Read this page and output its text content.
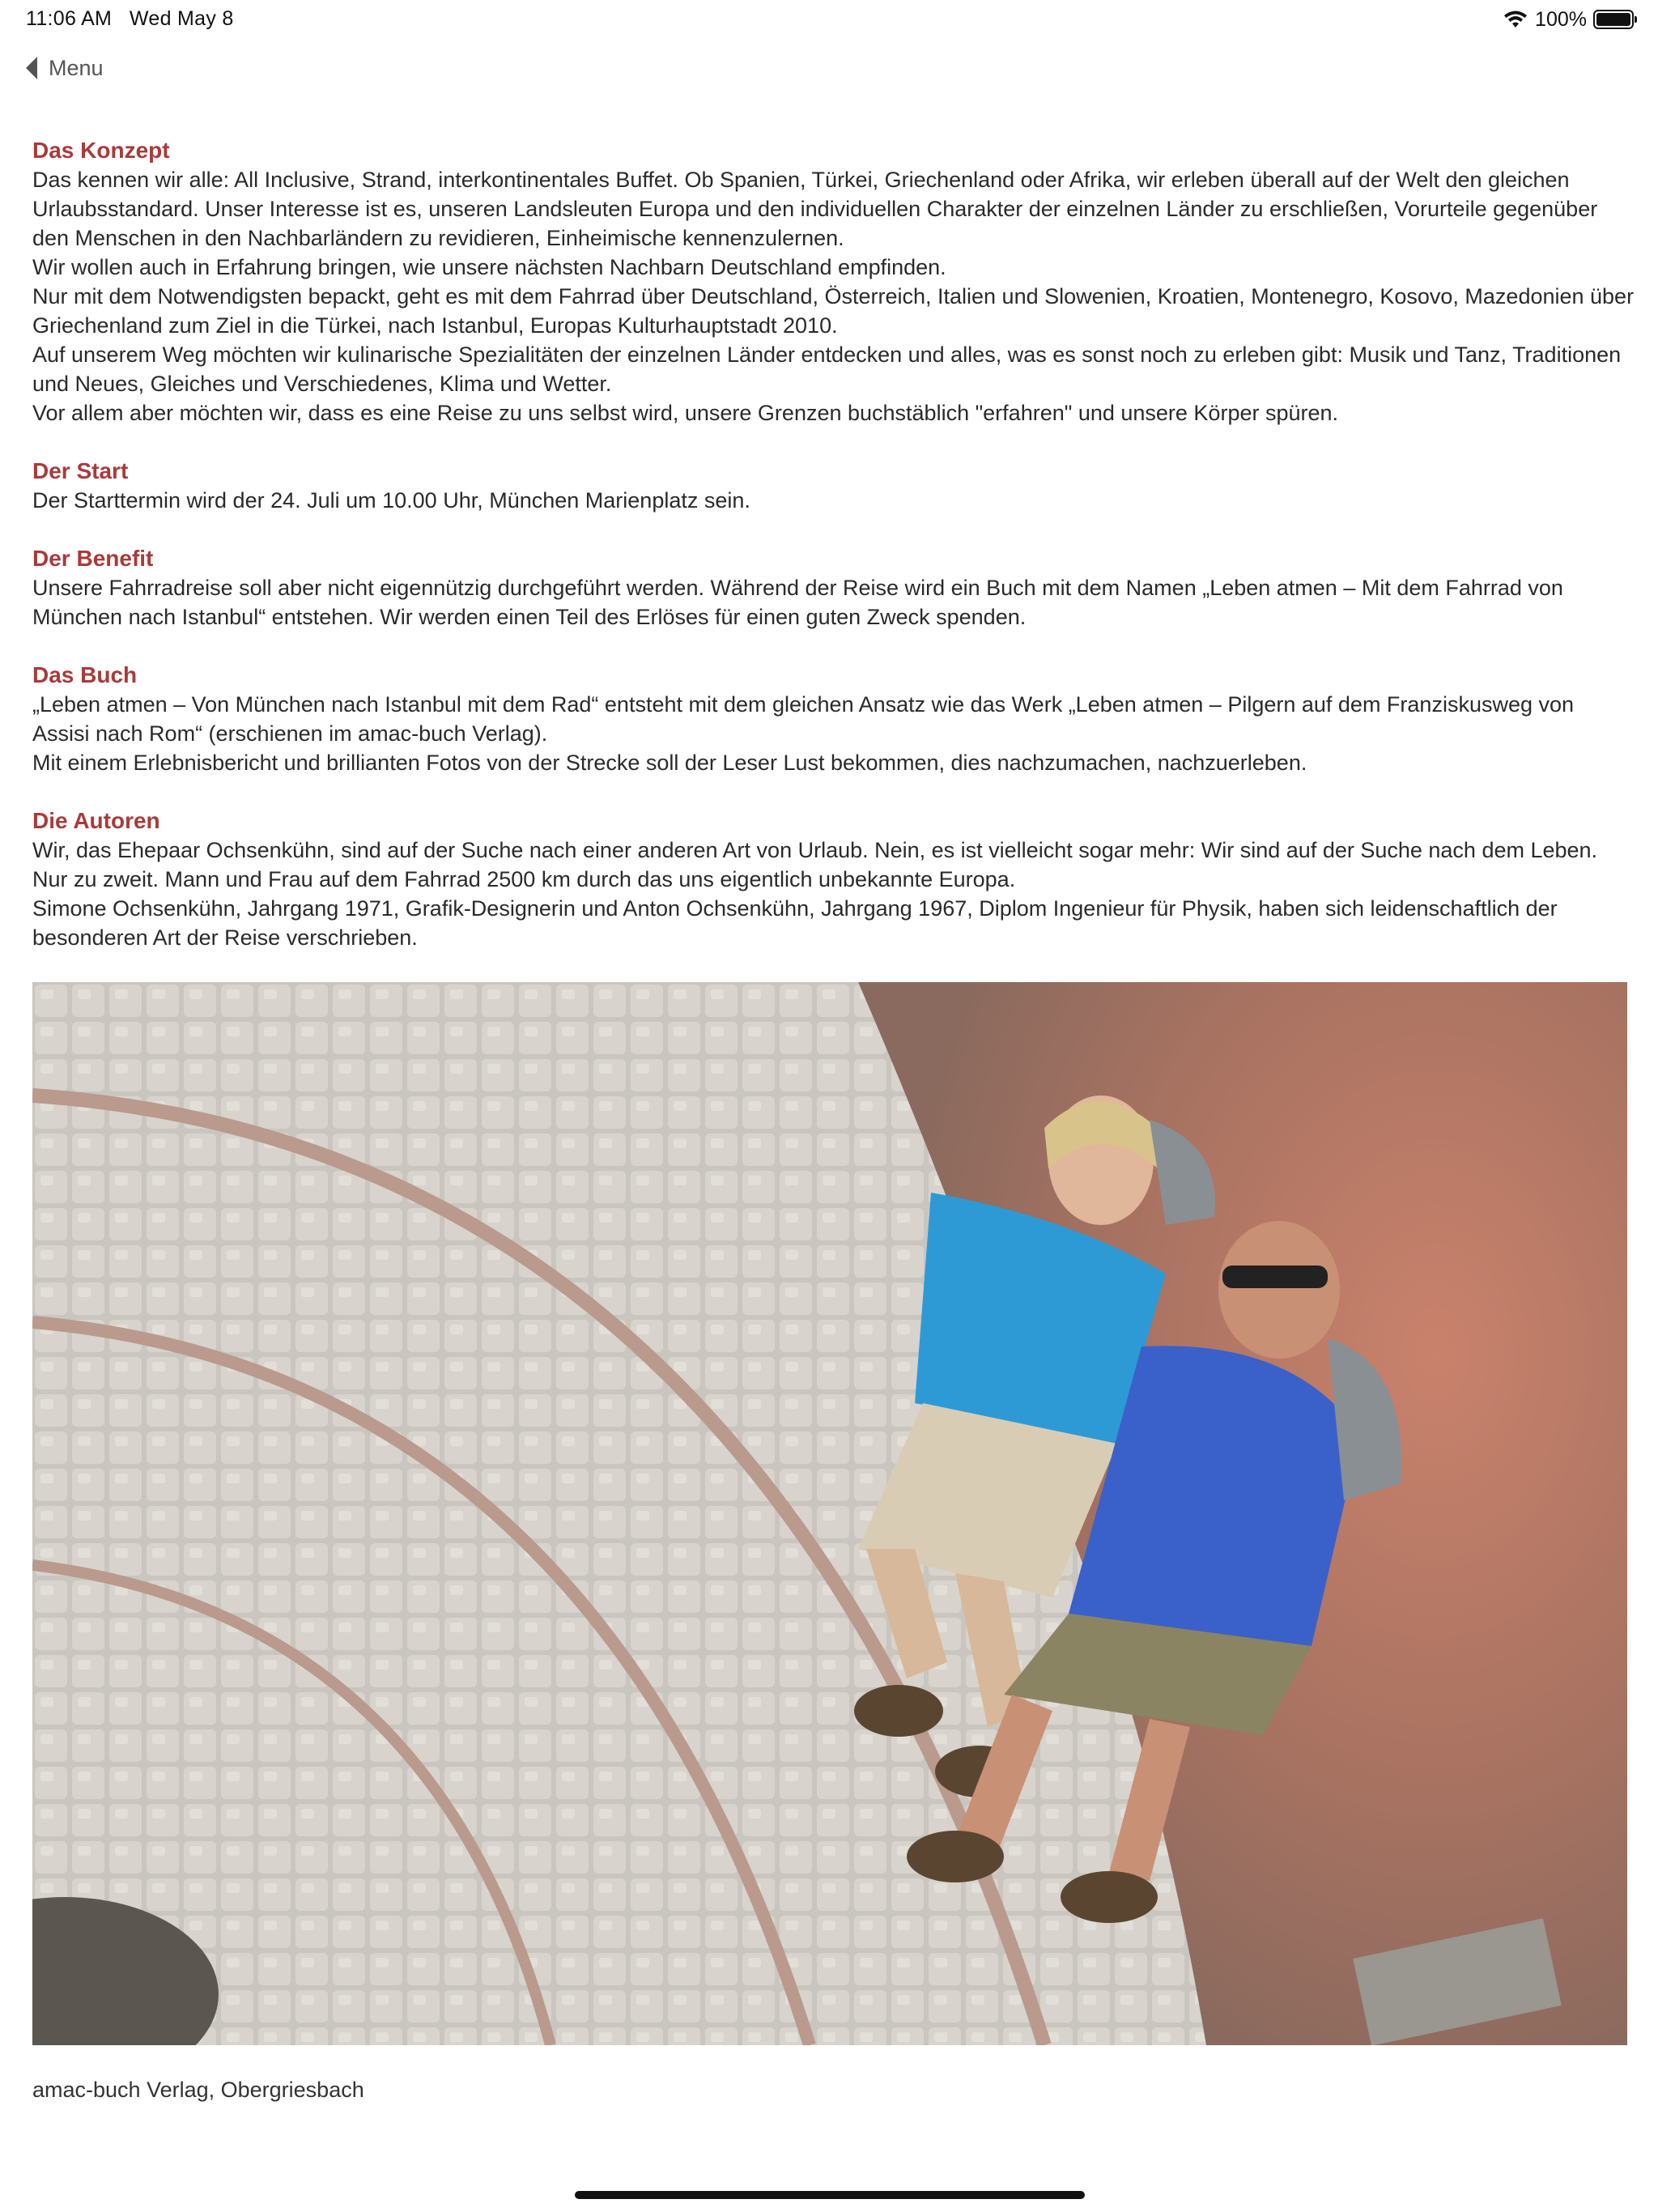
11:06 AM Wed May 8	100%
Menu
Das Konzept

Das kennen wir alle: All Inclusive, Strand, interkontinentales Buffet. Ob Spanien, Türkei, Griechenland oder Afrika, wir erleben überall auf der Welt den gleichen Urlaubsstandard. Unser Interesse ist es, unseren Landsleuten Europa und den individuellen Charakter der einzelnen Länder zu erschließen, Vorurteile gegenüber den Menschen in den Nachbarländern zu revidieren, Einheimische kennenzulernen.

Wir wollen auch in Erfahrung bringen, wie unsere nächsten Nachbarn Deutschland empfinden.

Nur mit dem Notwendigsten bepackt, geht es mit dem Fahrrad über Deutschland, Österreich, Italien und Slowenien, Kroatien, Montenegro, Kosovo, Mazedonien über Griechenland zum Ziel in die Türkei, nach Istanbul, Europas Kulturhauptstadt 2010.

Auf unserem Weg möchten wir kulinarische Spezialitäten der einzelnen Länder entdecken und alles, was es sonst noch zu erleben gibt: Musik und Tanz, Traditionen und Neues, Gleiches und Verschiedenes, Klima und Wetter.

Vor allem aber möchten wir, dass es eine Reise zu uns selbst wird, unsere Grenzen buchstäblich "erfahren" und unsere Körper spüren.

Der Start

Der Starttermin wird der 24. Juli um 10.00 Uhr, München Marienplatz sein.

Der Benefit

Unsere Fahrradreise soll aber nicht eigennützig durchgeführt werden. Während der Reise wird ein Buch mit dem Namen „Leben atmen – Mit dem Fahrrad von München nach Istanbul“ entstehen. Wir werden einen Teil des Erlöses für einen guten Zweck spenden.

Das Buch

„Leben atmen – Von München nach Istanbul mit dem Rad“ entsteht mit dem gleichen Ansatz wie das Werk „Leben atmen – Pilgern auf dem Franziskusweg von Assisi nach Rom“ (erschienen im amac-buch Verlag).

Mit einem Erlebnisbericht und brillianten Fotos von der Strecke soll der Leser Lust bekommen, dies nachzumachen, nachzuerleben.

Die Autoren

Wir, das Ehepaar Ochsenkühn, sind auf der Suche nach einer anderen Art von Urlaub. Nein, es ist vielleicht sogar mehr: Wir sind auf der Suche nach dem Leben. Nur zu zweit. Mann und Frau auf dem Fahrrad 2500 km durch das uns eigentlich unbekannte Europa.

Simone Ochsenkühn, Jahrgang 1971, Grafik-Designerin und Anton Ochsenkühn, Jahrgang 1967, Diplom Ingenieur für Physik, haben sich leidenschaftlich der besonderen Art der Reise verschrieben.

amac-buch Verlag, Obergriesbach
